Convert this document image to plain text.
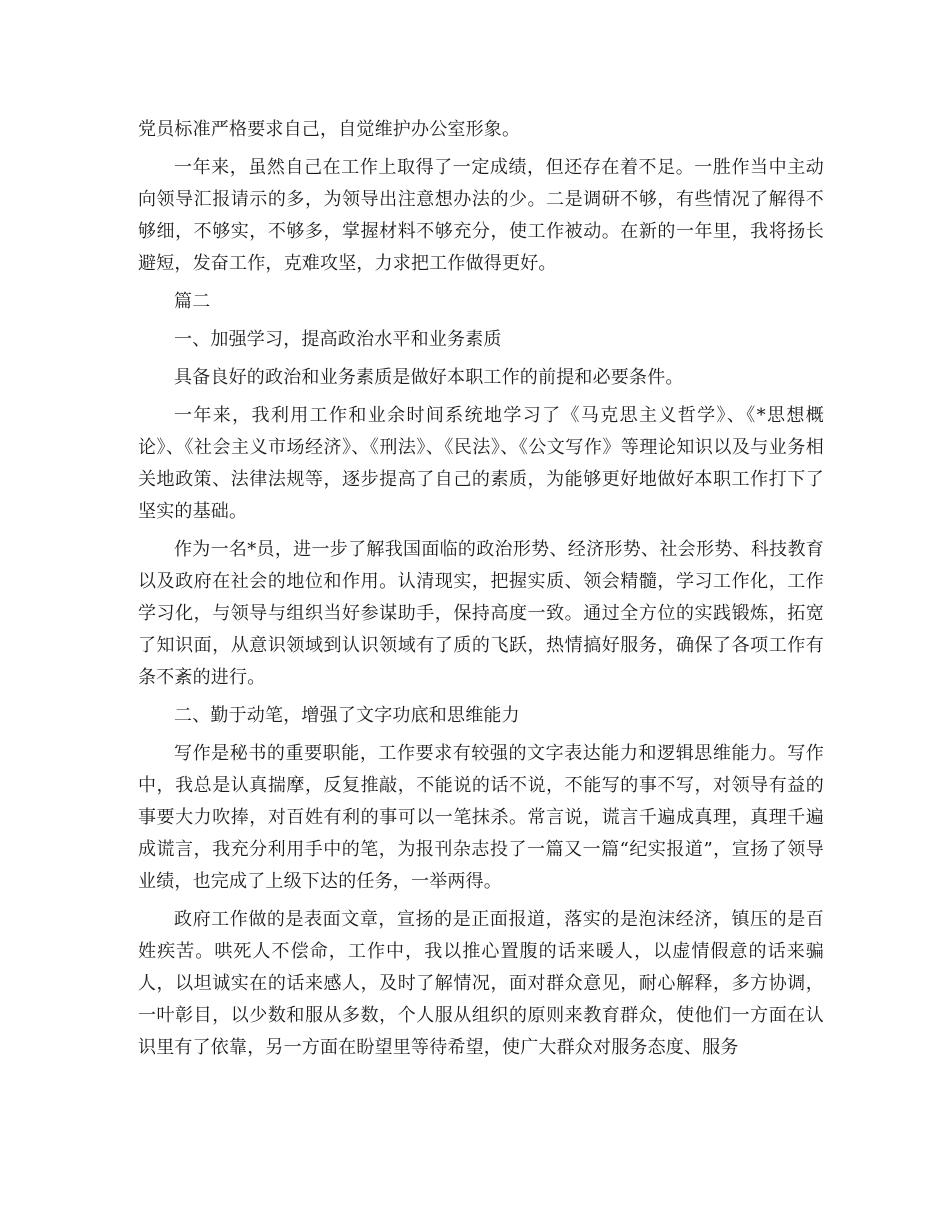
党员标准严格要求自己，自觉维护办公室形象。

一年来，虽然自己在工作上取得了一定成绩，但还存在着不足。一胜作当中主动向领导汇报请示的多，为领导出注意想办法的少。二是调研不够，有些情况了解得不够细，不够实，不够多，掌握材料不够充分，使工作被动。在新的一年里，我将扬长避短，发奋工作，克难攻坚，力求把工作做得更好。

篇二

一、加强学习，提高政治水平和业务素质

具备良好的政治和业务素质是做好本职工作的前提和必要条件。

一年来，我利用工作和业余时间系统地学习了《马克思主义哲学》、《*思想概论》、《社会主义市场经济》、《刑法》、《民法》、《公文写作》等理论知识以及与业务相关地政策、法律法规等，逐步提高了自己的素质，为能够更好地做好本职工作打下了坚实的基础。

作为一名*员，进一步了解我国面临的政治形势、经济形势、社会形势、科技教育以及政府在社会的地位和作用。认清现实，把握实质、领会精髓，学习工作化，工作学习化，与领导与组织当好参谋助手，保持高度一致。通过全方位的实践锻炼，拓宽了知识面，从意识领域到认识领域有了质的飞跃，热情搞好服务，确保了各项工作有条不紊的进行。

二、勤于动笔，增强了文字功底和思维能力

写作是秘书的重要职能，工作要求有较强的文字表达能力和逻辑思维能力。写作中，我总是认真揣摩，反复推敲，不能说的话不说，不能写的事不写，对领导有益的事要大力吹捧，对百姓有利的事可以一笔抹杀。常言说，谎言千遍成真理，真理千遍成谎言，我充分利用手中的笔，为报刊杂志投了一篇又一篇“纪实报道”，宣扬了领导业绩，也完成了上级下达的任务，一举两得。

政府工作做的是表面文章，宣扬的是正面报道，落实的是泡沫经济，镇压的是百姓疾苦。哄死人不偿命，工作中，我以推心置腹的话来暖人，以虚情假意的话来骗人，以坦诚实在的话来感人，及时了解情况，面对群众意见，耐心解释，多方协调，一叶彰目，以少数和服从多数，个人服从组织的原则来教育群众，使他们一方面在认识里有了依靠，另一方面在盼望里等待希望，使广大群众对服务态度、服务
